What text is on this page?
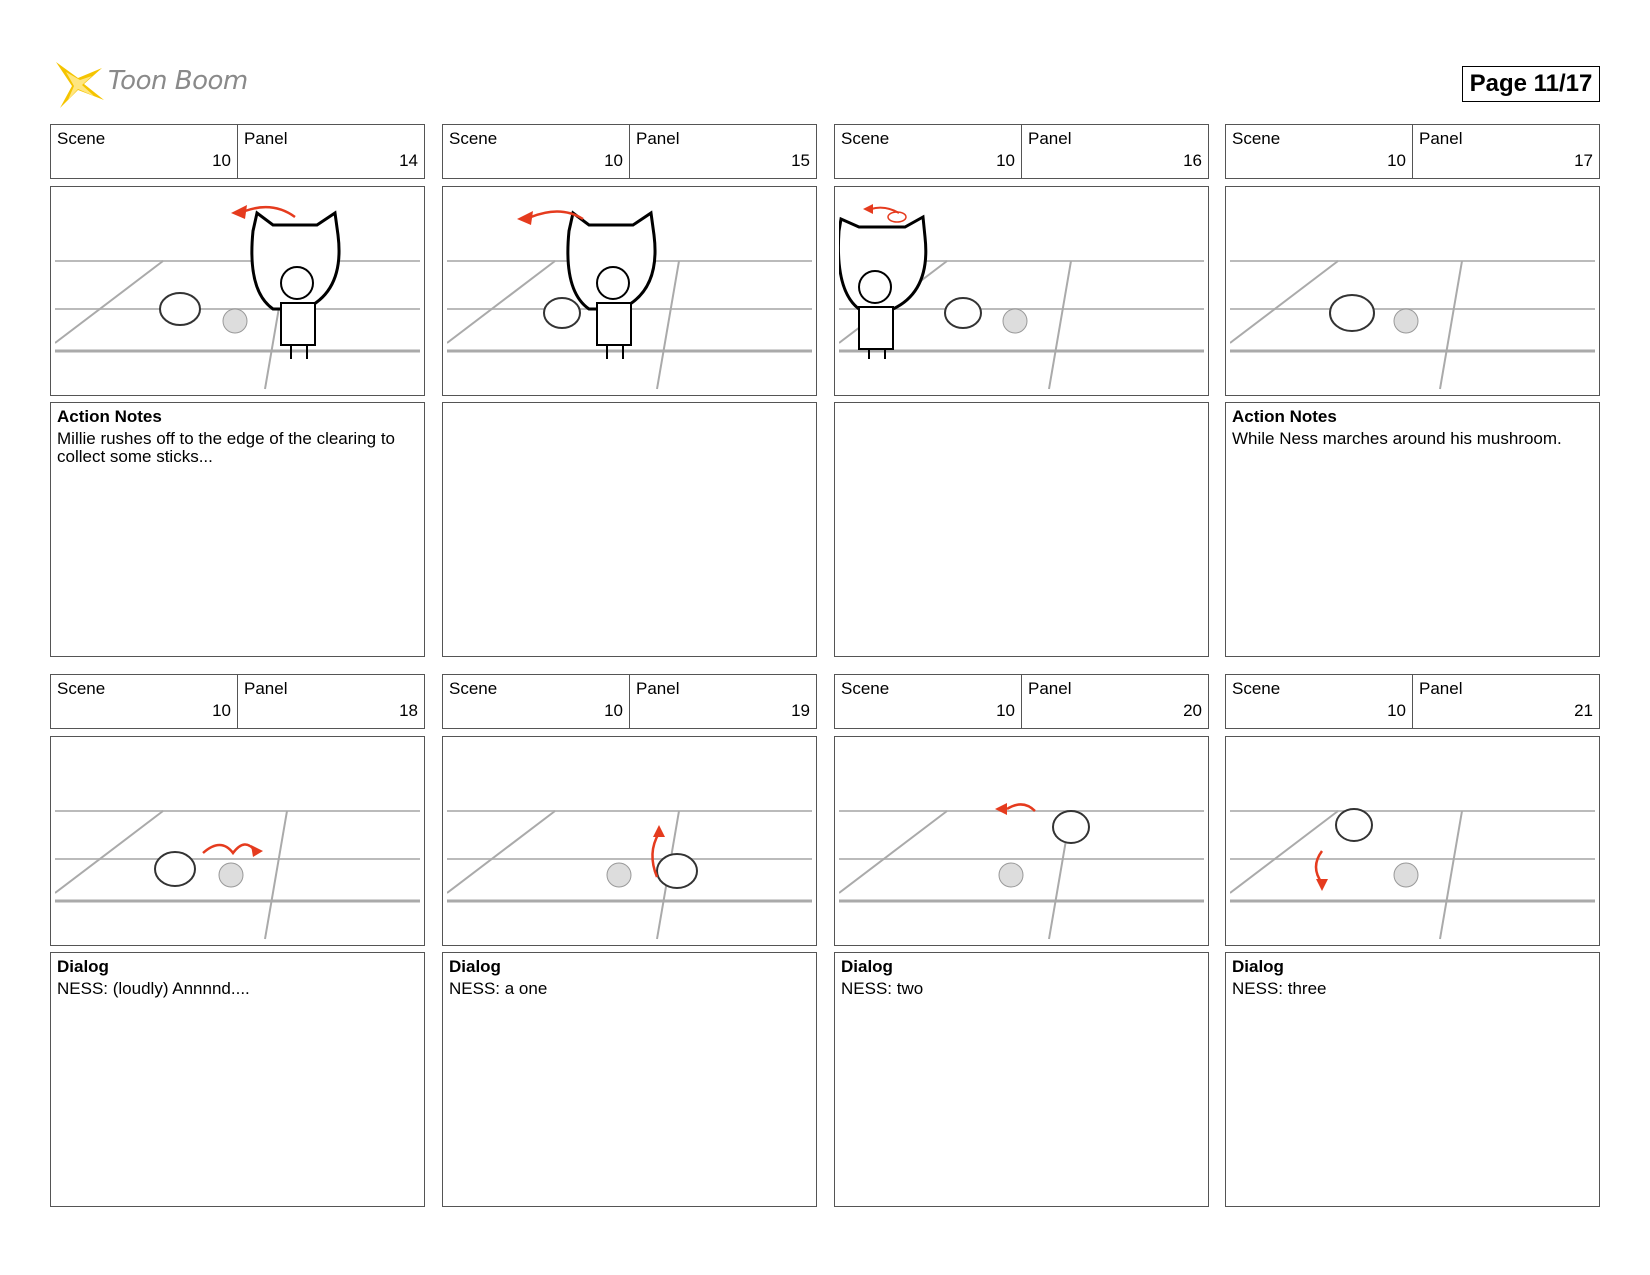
Toon Boom	Page 11/17
Scene
10
Panel
14
Action Notes
Millie rushes off to the edge of the clearing to collect some sticks...
Scene
10
Panel
15
Scene
10
Panel
16
Scene
10
Panel
17
Action Notes
While Ness marches around his mushroom.
Scene
10
Panel
18
Dialog
NESS: (loudly) Annnnd....
Scene
10
Panel
19
Dialog
NESS: a one
Scene
10
Panel
20
Dialog
NESS: two
Scene
10
Panel
21
Dialog
NESS: three
